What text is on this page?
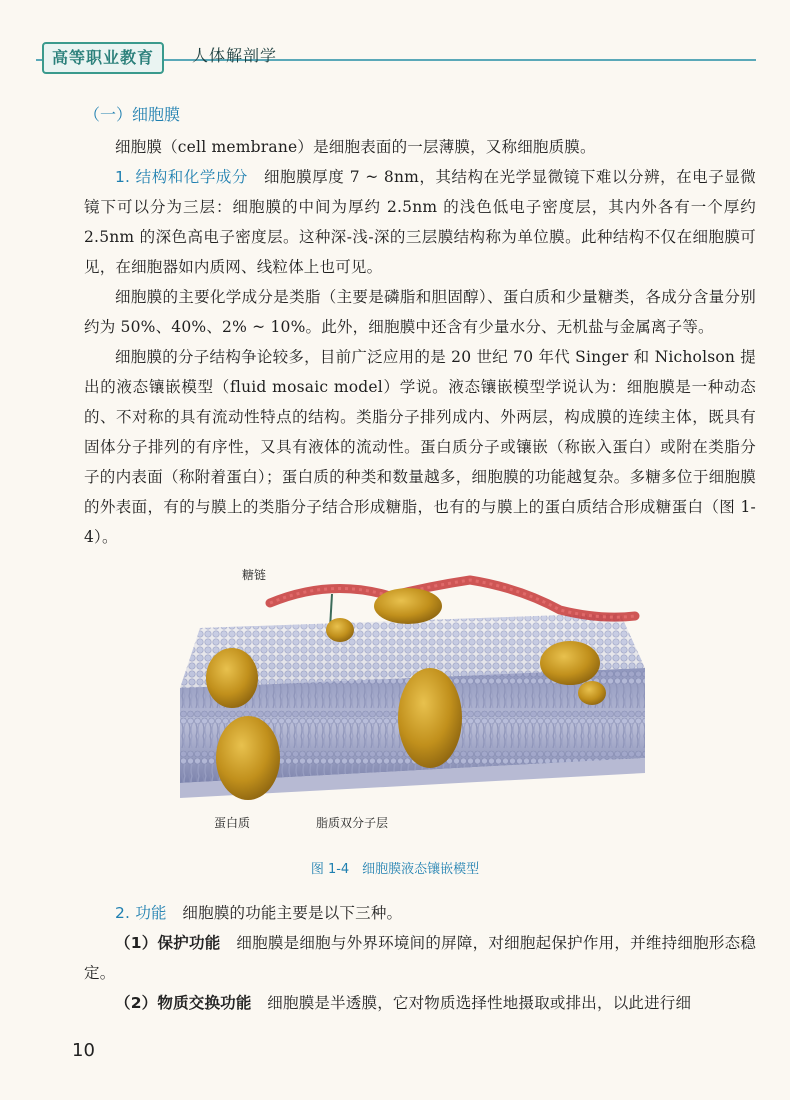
高等职业教育	人体解剖学

（一）细胞膜

细胞膜（cell membrane）是细胞表面的一层薄膜，又称细胞质膜。

1. 结构和化学成分　 细胞膜厚度 7 ~ 8nm，其结构在光学显微镜下难以分辨，在电子显微镜下可以分为三层：细胞膜的中间为厚约 2.5nm 的浅色低电子密度层，其内外各有一个厚约 2.5nm 的深色高电子密度层。这种深-浅-深的三层膜结构称为单位膜。此种结构不仅在细胞膜可见，在细胞器如内质网、线粒体上也可见。

细胞膜的主要化学成分是类脂（主要是磷脂和胆固醇）、蛋白质和少量糖类，各成分含量分别约为 50%、40%、2% ~ 10%。此外，细胞膜中还含有少量水分、无机盐与金属离子等。

细胞膜的分子结构争论较多，目前广泛应用的是 20 世纪 70 年代 Singer 和 Nicholson 提出的液态镶嵌模型（fluid mosaic model）学说。液态镶嵌模型学说认为：细胞膜是一种动态的、不对称的具有流动性特点的结构。类脂分子排列成内、外两层，构成膜的连续主体，既具有固体分子排列的有序性，又具有液体的流动性。蛋白质分子或镶嵌（称嵌入蛋白）或附在类脂分子的内表面（称附着蛋白）；蛋白质的种类和数量越多，细胞膜的功能越复杂。多糖多位于细胞膜的外表面，有的与膜上的类脂分子结合形成糖脂，也有的与膜上的蛋白质结合形成糖蛋白（图 1-4）。

糖链
蛋白质	脂质双分子层
图 1-4　细胞膜液态镶嵌模型

2. 功能　 细胞膜的功能主要是以下三种。

（1）保护功能　 细胞膜是细胞与外界环境间的屏障，对细胞起保护作用，并维持细胞形态稳定。

（2）物质交换功能　 细胞膜是半透膜，它对物质选择性地摄取或排出，以此进行细

10
